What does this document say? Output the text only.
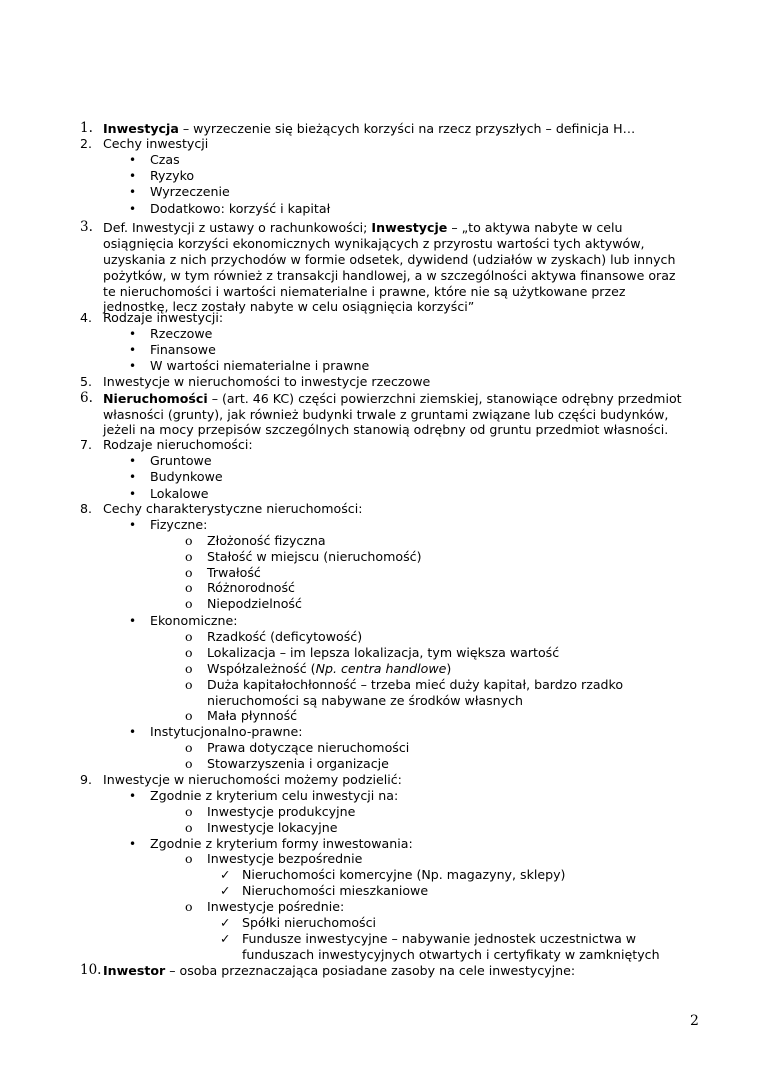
1. Inwestycja – wyrzeczenie się bieżących korzyści na rzecz przyszłych – definicja H…
2. Cechy inwestycji
• Czas
• Ryzyko
• Wyrzeczenie
• Dodatkowo: korzyść i kapitał
3. Def. Inwestycji z ustawy o rachunkowości; Inwestycje – „to aktywa nabyte w celu
osiągnięcia korzyści ekonomicznych wynikających z przyrostu wartości tych aktywów,
uzyskania z nich przychodów w formie odsetek, dywidend (udziałów w zyskach) lub innych
pożytków, w tym również z transakcji handlowej, a w szczególności aktywa finansowe oraz
te nieruchomości i wartości niematerialne i prawne, które nie są użytkowane przez
jednostkę, lecz zostały nabyte w celu osiągnięcia korzyści”
4. Rodzaje inwestycji:
• Rzeczowe
• Finansowe
• W wartości niematerialne i prawne
5. Inwestycje w nieruchomości to inwestycje rzeczowe
6. Nieruchomości – (art. 46 KC) części powierzchni ziemskiej, stanowiące odrębny przedmiot
własności (grunty), jak również budynki trwale z gruntami związane lub części budynków,
jeżeli na mocy przepisów szczególnych stanowią odrębny od gruntu przedmiot własności.
7. Rodzaje nieruchomości:
• Gruntowe
• Budynkowe
• Lokalowe
8. Cechy charakterystyczne nieruchomości:
• Fizyczne:
o Złożoność fizyczna
o Stałość w miejscu (nieruchomość)
o Trwałość
o Różnorodność
o Niepodzielność
• Ekonomiczne:
o Rzadkość (deficytowość)
o Lokalizacja – im lepsza lokalizacja, tym większa wartość
o Współzależność (Np. centra handlowe)
o Duża kapitałochłonność – trzeba mieć duży kapitał, bardzo rzadko
nieruchomości są nabywane ze środków własnych
o Mała płynność
• Instytucjonalno-prawne:
o Prawa dotyczące nieruchomości
o Stowarzyszenia i organizacje
9. Inwestycje w nieruchomości możemy podzielić:
• Zgodnie z kryterium celu inwestycji na:
o Inwestycje produkcyjne
o Inwestycje lokacyjne
• Zgodnie z kryterium formy inwestowania:
o Inwestycje bezpośrednie
✓ Nieruchomości komercyjne (Np. magazyny, sklepy)
✓ Nieruchomości mieszkaniowe
o Inwestycje pośrednie:
✓ Spółki nieruchomości
✓ Fundusze inwestycyjne – nabywanie jednostek uczestnictwa w
funduszach inwestycyjnych otwartych i certyfikaty w zamkniętych
10. Inwestor – osoba przeznaczająca posiadane zasoby na cele inwestycyjne:
2
